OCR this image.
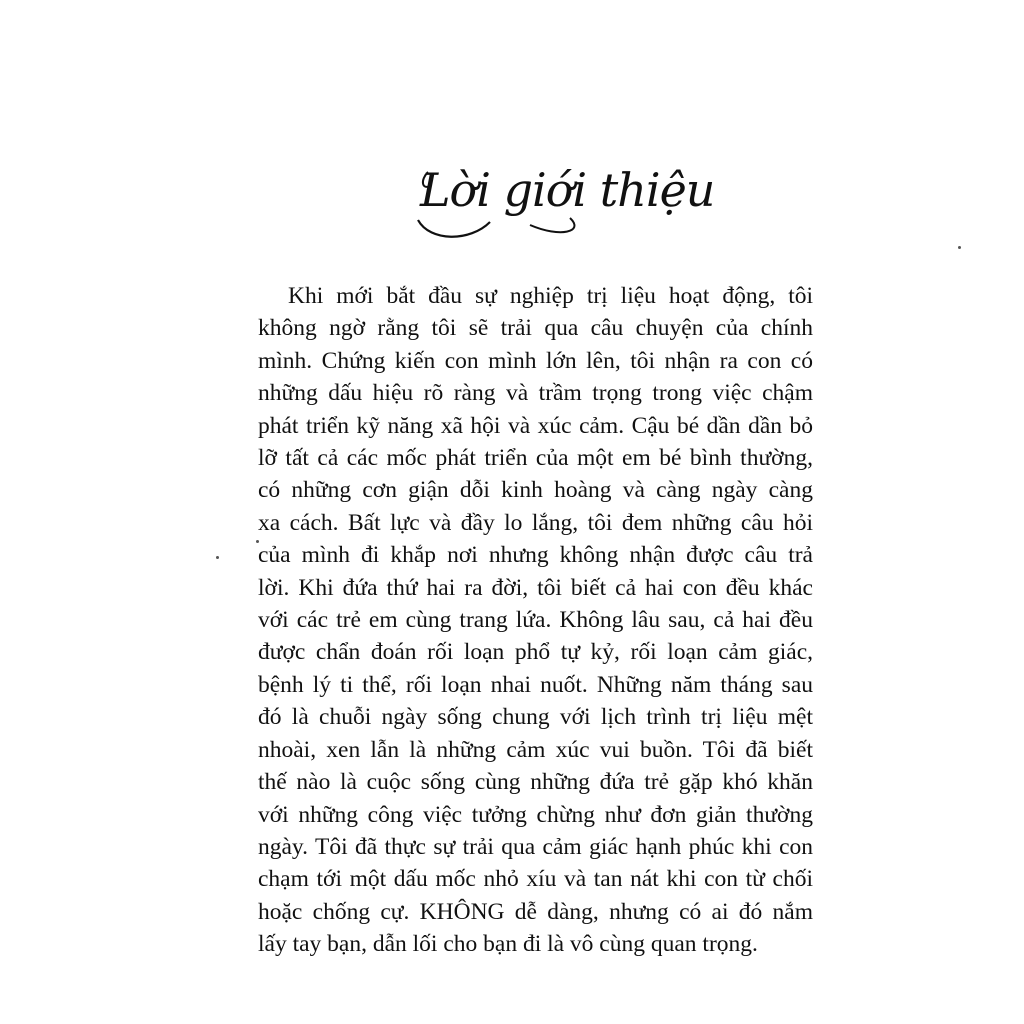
Lời giới thiệu
Khi mới bắt đầu sự nghiệp trị liệu hoạt động, tôi
không ngờ rằng tôi sẽ trải qua câu chuyện của chính
mình. Chứng kiến con mình lớn lên, tôi nhận ra con có
những dấu hiệu rõ ràng và trầm trọng trong việc chậm
phát triển kỹ năng xã hội và xúc cảm. Cậu bé dần dần bỏ
lỡ tất cả các mốc phát triển của một em bé bình thường,
có những cơn giận dỗi kinh hoàng và càng ngày càng
xa cách. Bất lực và đầy lo lắng, tôi đem những câu hỏi
của mình đi khắp nơi nhưng không nhận được câu trả
lời. Khi đứa thứ hai ra đời, tôi biết cả hai con đều khác
với các trẻ em cùng trang lứa. Không lâu sau, cả hai đều
được chẩn đoán rối loạn phổ tự kỷ, rối loạn cảm giác,
bệnh lý ti thể, rối loạn nhai nuốt. Những năm tháng sau
đó là chuỗi ngày sống chung với lịch trình trị liệu mệt
nhoài, xen lẫn là những cảm xúc vui buồn. Tôi đã biết
thế nào là cuộc sống cùng những đứa trẻ gặp khó khăn
với những công việc tưởng chừng như đơn giản thường
ngày. Tôi đã thực sự trải qua cảm giác hạnh phúc khi con
chạm tới một dấu mốc nhỏ xíu và tan nát khi con từ chối
hoặc chống cự. KHÔNG dễ dàng, nhưng có ai đó nắm
lấy tay bạn, dẫn lối cho bạn đi là vô cùng quan trọng.
